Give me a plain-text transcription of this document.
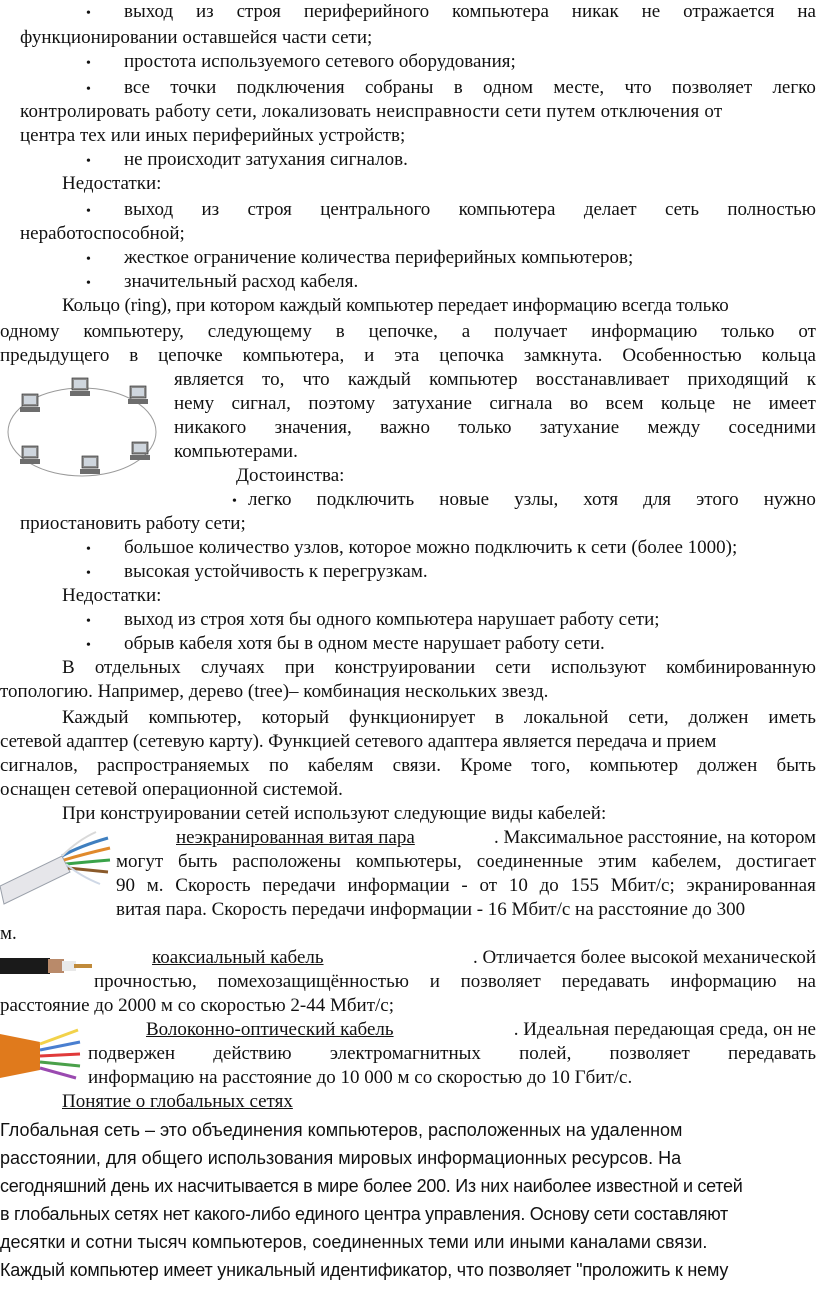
• выход из строя периферийного компьютера никак не отражается на
функционировании оставшейся части сети;
• простота используемого сетевого оборудования;
• все точки подключения собраны в одном месте, что позволяет легко
контролировать работу сети, локализовать неисправности сети путем отключения от
центра тех или иных периферийных устройств;
• не происходит затухания сигналов.
Недостатки:
• выход из строя центрального компьютера делает сеть полностью
неработоспособной;
• жесткое ограничение количества периферийных компьютеров;
• значительный расход кабеля.
Кольцо (ring), при котором каждый компьютер передает информацию всегда только
одному компьютеру, следующему в цепочке, а получает информацию только от
предыдущего в цепочке компьютера, и эта цепочка замкнута. Особенностью кольца
является то, что каждый компьютер восстанавливает приходящий к
нему сигнал, поэтому затухание сигнала во всем кольце не имеет
никакого значения, важно только затухание между соседними
компьютерами.
Достоинства:
• легко подключить новые узлы, хотя для этого нужно
приостановить работу сети;
• большое количество узлов, которое можно подключить к сети (более 1000);
• высокая устойчивость к перегрузкам.
Недостатки:
• выход из строя хотя бы одного компьютера нарушает работу сети;
• обрыв кабеля хотя бы в одном месте нарушает работу сети.
В отдельных случаях при конструировании сети используют комбинированную
топологию. Например, дерево (tree)– комбинация нескольких звезд.
Каждый компьютер, который функционирует в локальной сети, должен иметь
сетевой адаптер (сетевую карту). Функцией сетевого адаптера является передача и прием
сигналов, распространяемых по кабелям связи. Кроме того, компьютер должен быть
оснащен сетевой операционной системой.
При конструировании сетей используют следующие виды кабелей:
неэкранированная витая пара	. Максимальное расстояние, на котором
могут быть расположены компьютеры, соединенные этим кабелем, достигает
90 м. Скорость передачи информации - от 10 до 155 Мбит/с; экранированная
витая пара. Скорость передачи информации - 16 Мбит/с на расстояние до 300
м.
коаксиальный кабель	. Отличается более высокой механической
прочностью, помехозащищённостью и позволяет передавать информацию на
расстояние до 2000 м со скоростью 2-44 Мбит/с;
Волоконно-оптический кабель	. Идеальная передающая среда, он не
подвержен действию электромагнитных полей, позволяет передавать
информацию на расстояние до 10 000 м со скоростью до 10 Гбит/с.
Понятие о глобальных сетях
Глобальная сеть – это объединения компьютеров, расположенных на удаленном
расстоянии, для общего использования мировых информационных ресурсов. На
сегодняшний день их насчитывается в мире более 200. Из них наиболее известной и сетей
в глобальных сетях нет какого-либо единого центра управления. Основу сети составляют
десятки и сотни тысяч компьютеров, соединенных теми или иными каналами связи.
Каждый компьютер имеет уникальный идентификатор, что позволяет "проложить к нему
